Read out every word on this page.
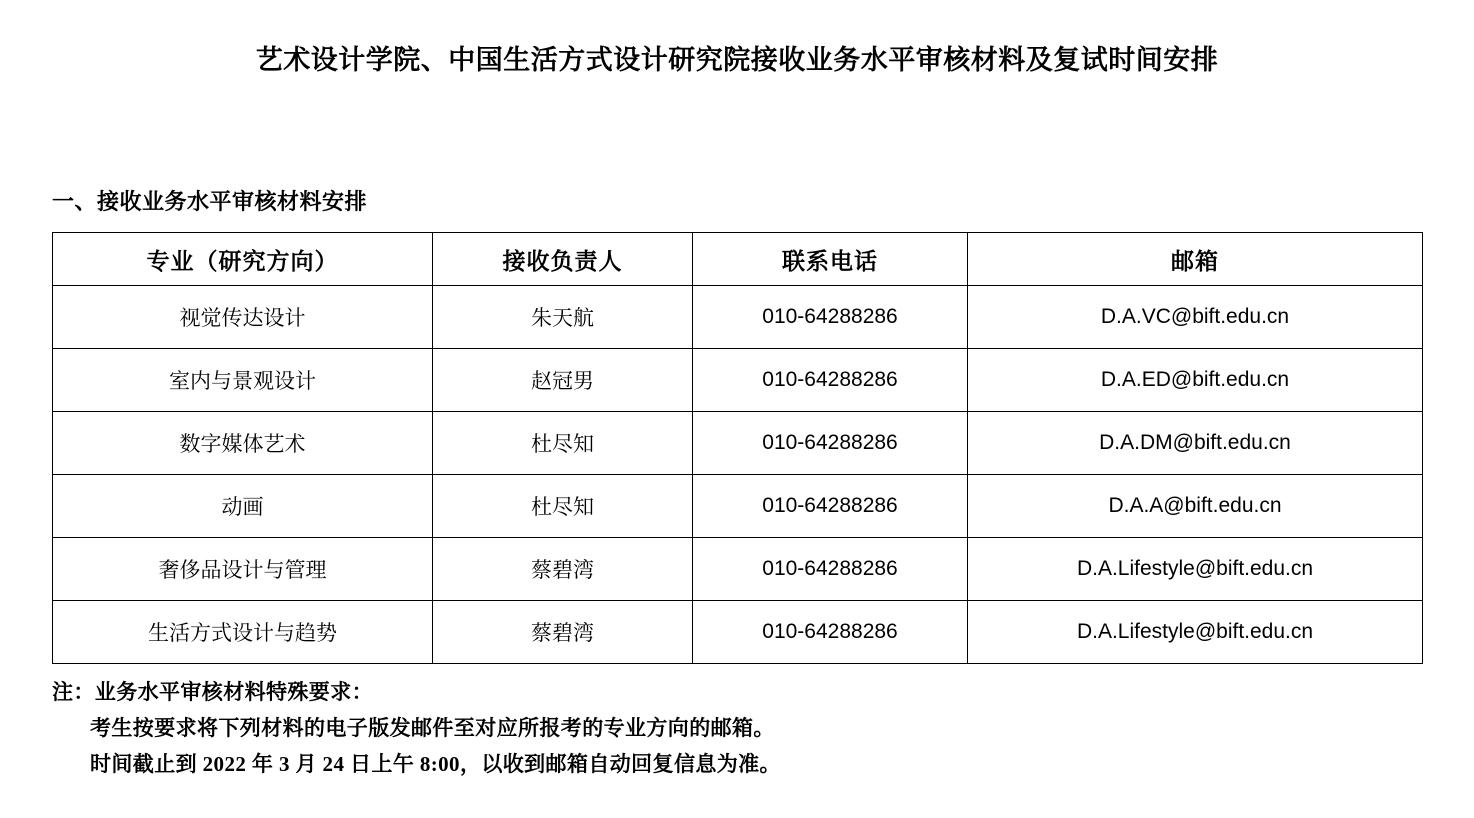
艺术设计学院、中国生活方式设计研究院接收业务水平审核材料及复试时间安排
一、接收业务水平审核材料安排
专业（研究方向）	接收负责人	联系电话	邮箱
视觉传达设计	朱天航	010-64288286	D.A.VC@bift.edu.cn
室内与景观设计	赵冠男	010-64288286	D.A.ED@bift.edu.cn
数字媒体艺术	杜尽知	010-64288286	D.A.DM@bift.edu.cn
动画	杜尽知	010-64288286	D.A.A@bift.edu.cn
奢侈品设计与管理	蔡碧湾	010-64288286	D.A.Lifestyle@bift.edu.cn
生活方式设计与趋势	蔡碧湾	010-64288286	D.A.Lifestyle@bift.edu.cn
注：业务水平审核材料特殊要求：
考生按要求将下列材料的电子版发邮件至对应所报考的专业方向的邮箱。
时间截止到 2022 年 3 月 24 日上午 8:00，以收到邮箱自动回复信息为准。
